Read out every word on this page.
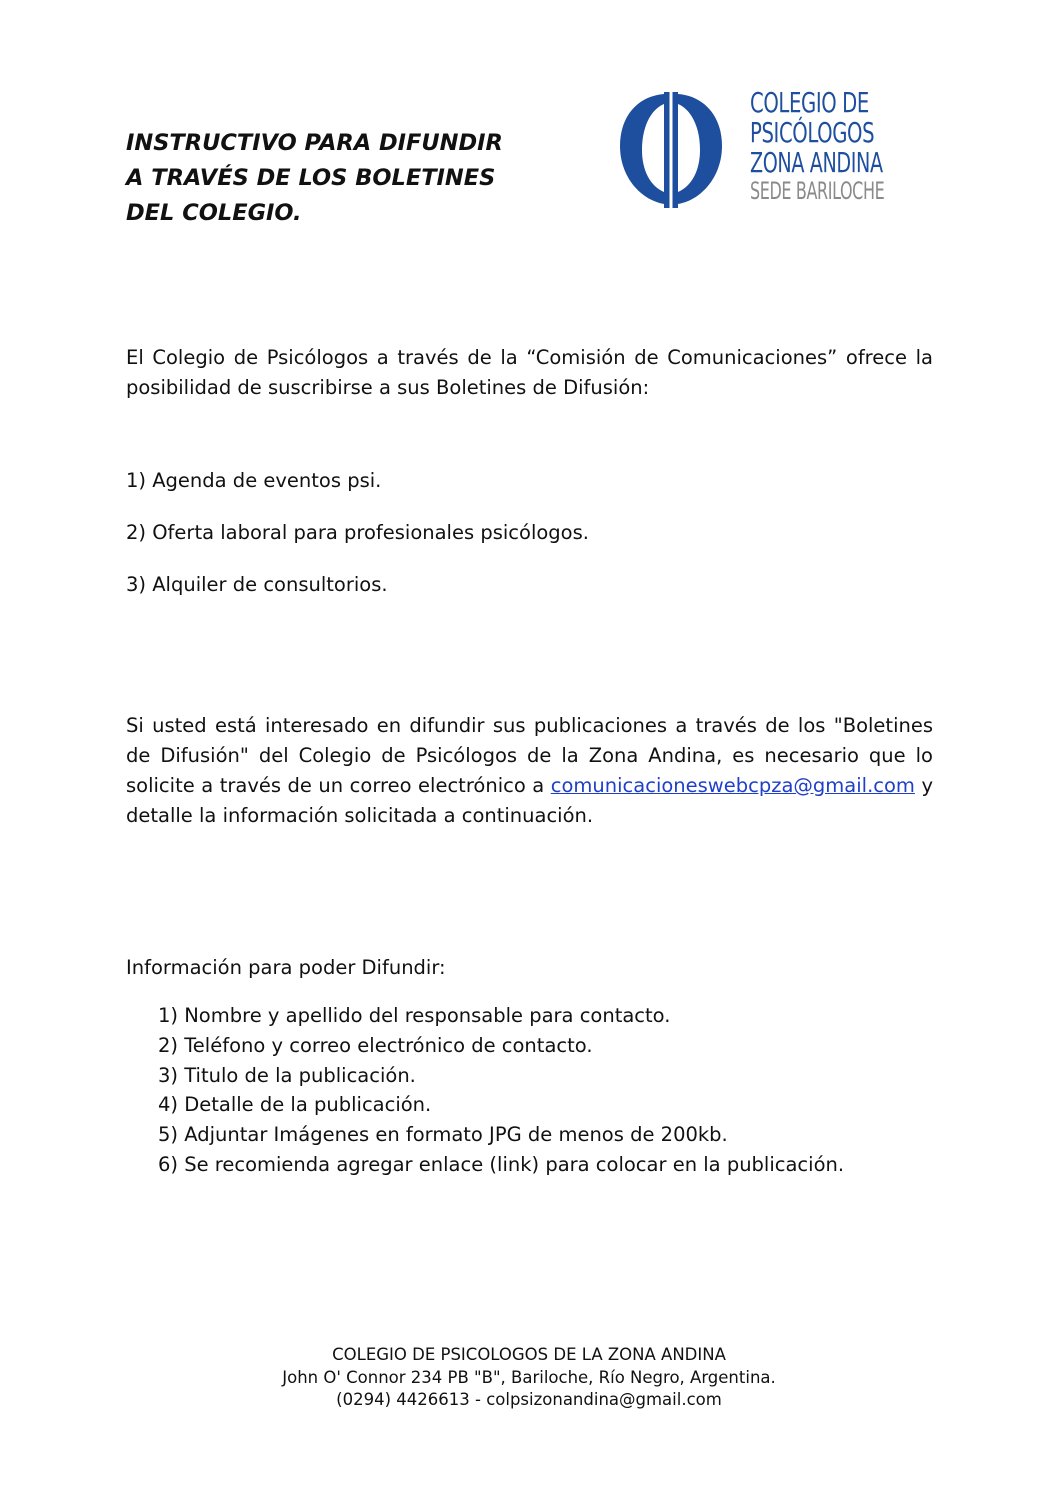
INSTRUCTIVO PARA DIFUNDIR
A TRAVÉS DE LOS BOLETINES
DEL COLEGIO.
COLEGIO DE
PSICÓLOGOS
ZONA ANDINA
SEDE BARILOCHE

El Colegio de Psicólogos a través de la “Comisión de Comunicaciones” ofrece la posibilidad de suscribirse a sus Boletines de Difusión:

1) Agenda de eventos psi.
2) Oferta laboral para profesionales psicólogos.
3) Alquiler de consultorios.

Si usted está interesado en difundir sus publicaciones a través de los "Boletines de Difusión" del Colegio de Psicólogos de la Zona Andina, es necesario que lo solicite a través de un correo electrónico a comunicacioneswebcpza@gmail.com y detalle la información solicitada a continuación.

Información para poder Difundir:

1) Nombre y apellido del responsable para contacto.
2) Teléfono y correo electrónico de contacto.
3) Titulo de la publicación.
4) Detalle de la publicación.
5) Adjuntar Imágenes en formato JPG de menos de 200kb.
6) Se recomienda agregar enlace (link) para colocar en la publicación.
COLEGIO DE PSICOLOGOS DE LA ZONA ANDINA
John O' Connor 234 PB "B", Bariloche, Río Negro, Argentina.
(0294) 4426613 - colpsizonandina@gmail.com
